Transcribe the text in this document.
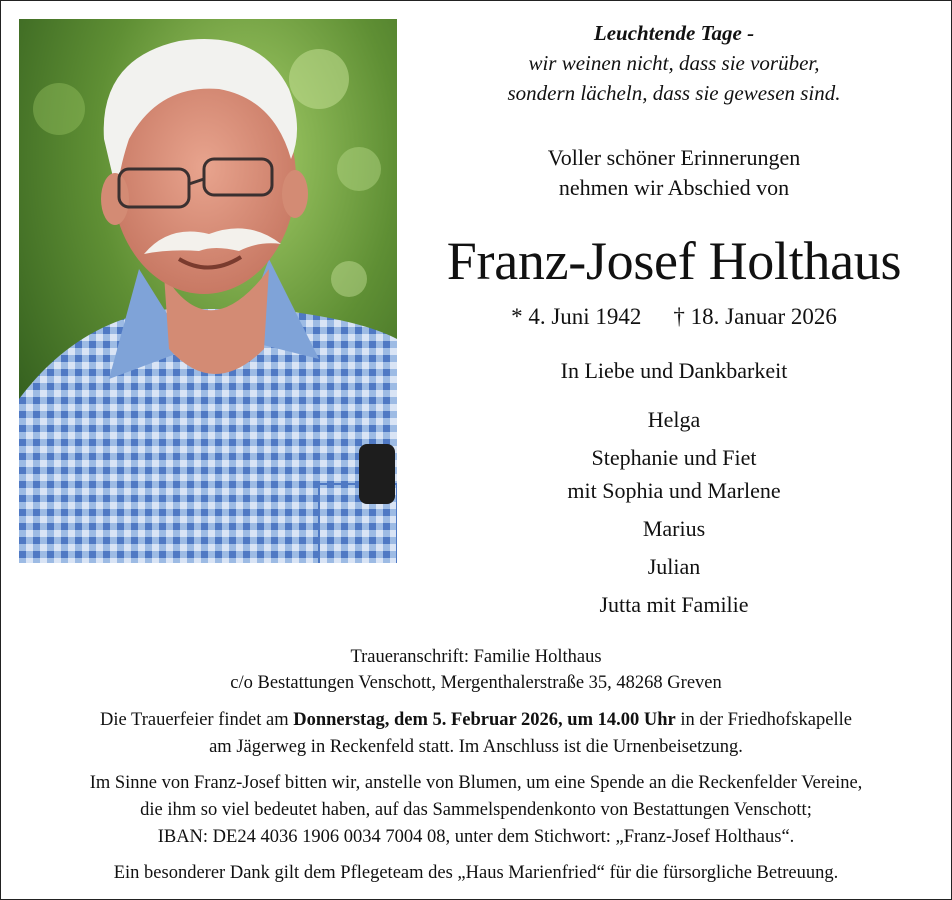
Leuchtende Tage -
wir weinen nicht, dass sie vorüber,
sondern lächeln, dass sie gewesen sind.
Voller schöner Erinnerungen
nehmen wir Abschied von
Franz-Josef Holthaus
* 4. Juni 1942 † 18. Januar 2026
In Liebe und Dankbarkeit
Helga
Stephanie und Fiet
mit Sophia und Marlene
Marius
Julian
Jutta mit Familie
Traueranschrift: Familie Holthaus
c/o Bestattungen Venschott, Mergenthalerstraße 35, 48268 Greven
Die Trauerfeier findet am Donnerstag, dem 5. Februar 2026, um 14.00 Uhr in der Friedhofskapelle
am Jägerweg in Reckenfeld statt. Im Anschluss ist die Urnenbeisetzung.
Im Sinne von Franz-Josef bitten wir, anstelle von Blumen, um eine Spende an die Reckenfelder Vereine,
die ihm so viel bedeutet haben, auf das Sammelspendenkonto von Bestattungen Venschott;
IBAN: DE24 4036 1906 0034 7004 08, unter dem Stichwort: „Franz-Josef Holthaus“.
Ein besonderer Dank gilt dem Pflegeteam des „Haus Marienfried“ für die fürsorgliche Betreuung.
